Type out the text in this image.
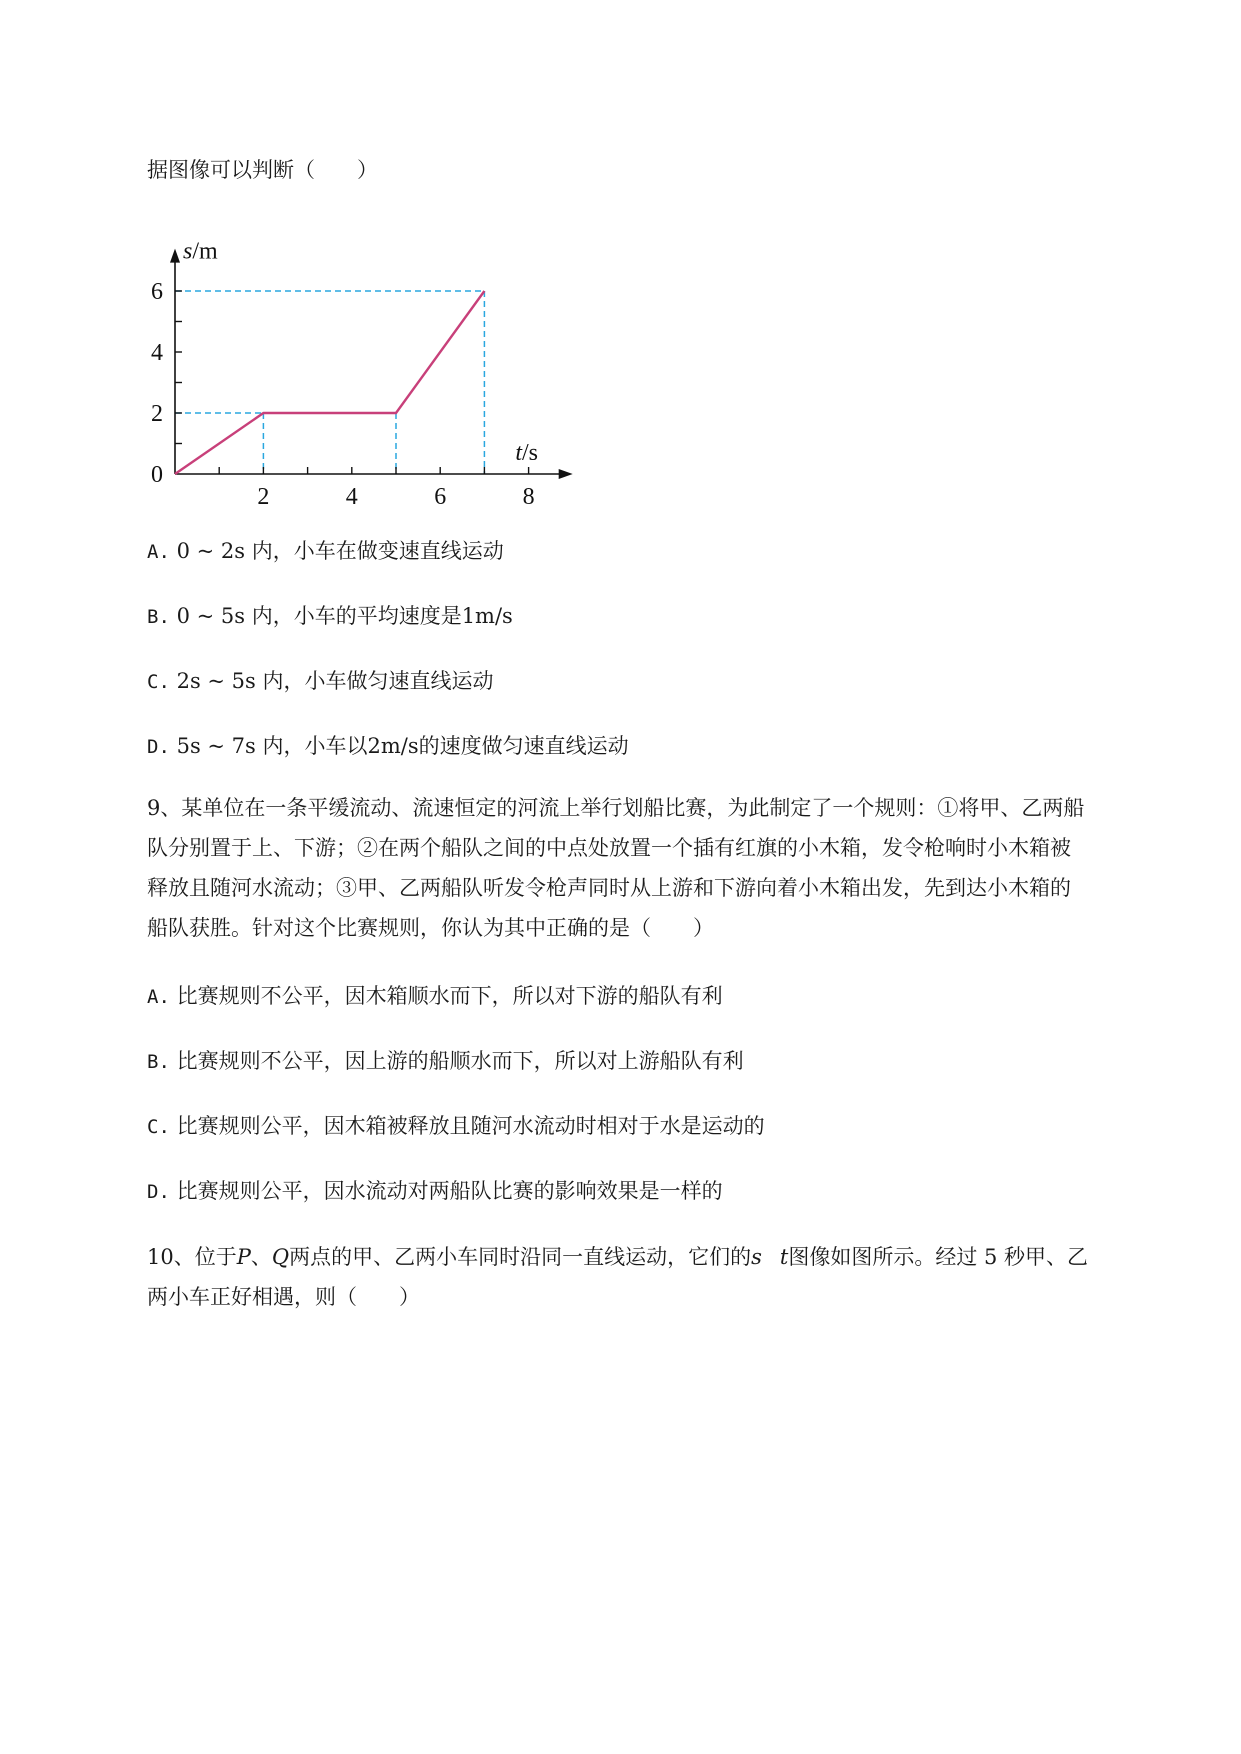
据图像可以判断（　　）
2	4	6	8
2
4
6
0
s/m
t/s
A. 0 ~ 2s 内，小车在做变速直线运动
B. 0 ~ 5s 内，小车的平均速度是1m/s
C. 2s ~ 5s 内，小车做匀速直线运动
D. 5s ~ 7s 内，小车以2m/s的速度做匀速直线运动
9、某单位在一条平缓流动、流速恒定的河流上举行划船比赛，为此制定了一个规则：①将甲、乙两船
队分别置于上、下游；②在两个船队之间的中点处放置一个插有红旗的小木箱，发令枪响时小木箱被
释放且随河水流动；③甲、乙两船队听发令枪声同时从上游和下游向着小木箱出发，先到达小木箱的
船队获胜。针对这个比赛规则，你认为其中正确的是（　　）
A. 比赛规则不公平，因木箱顺水而下，所以对下游的船队有利
B. 比赛规则不公平，因上游的船顺水而下，所以对上游船队有利
C. 比赛规则公平，因木箱被释放且随河水流动时相对于水是运动的
D. 比赛规则公平，因水流动对两船队比赛的影响效果是一样的
10、位于P、Q两点的甲、乙两小车同时沿同一直线运动，它们的s t图像如图所示。经过 5 秒甲、乙
两小车正好相遇，则（　　）
